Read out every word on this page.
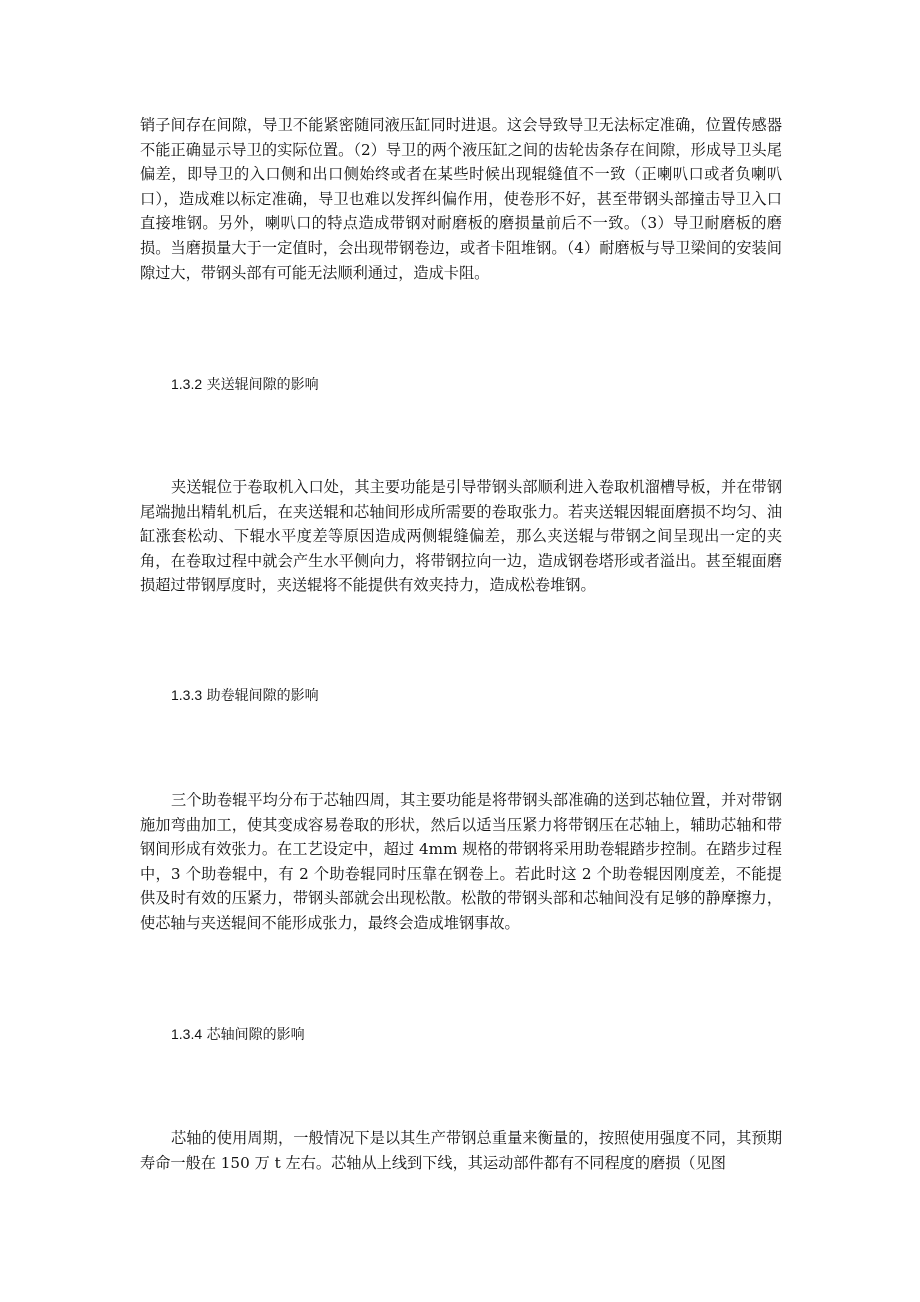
销子间存在间隙，导卫不能紧密随同液压缸同时进退。这会导致导卫无法标定准确，位置传感器不能正确显示导卫的实际位置。（2）导卫的两个液压缸之间的齿轮齿条存在间隙，形成导卫头尾偏差，即导卫的入口侧和出口侧始终或者在某些时候出现辊缝值不一致（正喇叭口或者负喇叭口），造成难以标定准确，导卫也难以发挥纠偏作用，使卷形不好，甚至带钢头部撞击导卫入口直接堆钢。另外，喇叭口的特点造成带钢对耐磨板的磨损量前后不一致。（3）导卫耐磨板的磨损。当磨损量大于一定值时，会出现带钢卷边，或者卡阻堆钢。（4）耐磨板与导卫梁间的安装间隙过大，带钢头部有可能无法顺利通过，造成卡阻。

1.3.2 夹送辊间隙的影响

夹送辊位于卷取机入口处，其主要功能是引导带钢头部顺利进入卷取机溜槽导板，并在带钢尾端抛出精轧机后，在夹送辊和芯轴间形成所需要的卷取张力。若夹送辊因辊面磨损不均匀、油缸涨套松动、下辊水平度差等原因造成两侧辊缝偏差，那么夹送辊与带钢之间呈现出一定的夹角，在卷取过程中就会产生水平侧向力，将带钢拉向一边，造成钢卷塔形或者溢出。甚至辊面磨损超过带钢厚度时，夹送辊将不能提供有效夹持力，造成松卷堆钢。

1.3.3 助卷辊间隙的影响

三个助卷辊平均分布于芯轴四周，其主要功能是将带钢头部准确的送到芯轴位置，并对带钢施加弯曲加工，使其变成容易卷取的形状，然后以适当压紧力将带钢压在芯轴上，辅助芯轴和带钢间形成有效张力。在工艺设定中，超过 4mm 规格的带钢将采用助卷辊踏步控制。在踏步过程中，3 个助卷辊中，有 2 个助卷辊同时压靠在钢卷上。若此时这 2 个助卷辊因刚度差，不能提供及时有效的压紧力，带钢头部就会出现松散。松散的带钢头部和芯轴间没有足够的静摩擦力，使芯轴与夹送辊间不能形成张力，最终会造成堆钢事故。

1.3.4 芯轴间隙的影响

芯轴的使用周期，一般情况下是以其生产带钢总重量来衡量的，按照使用强度不同，其预期寿命一般在 150 万 t 左右。芯轴从上线到下线，其运动部件都有不同程度的磨损（见图
